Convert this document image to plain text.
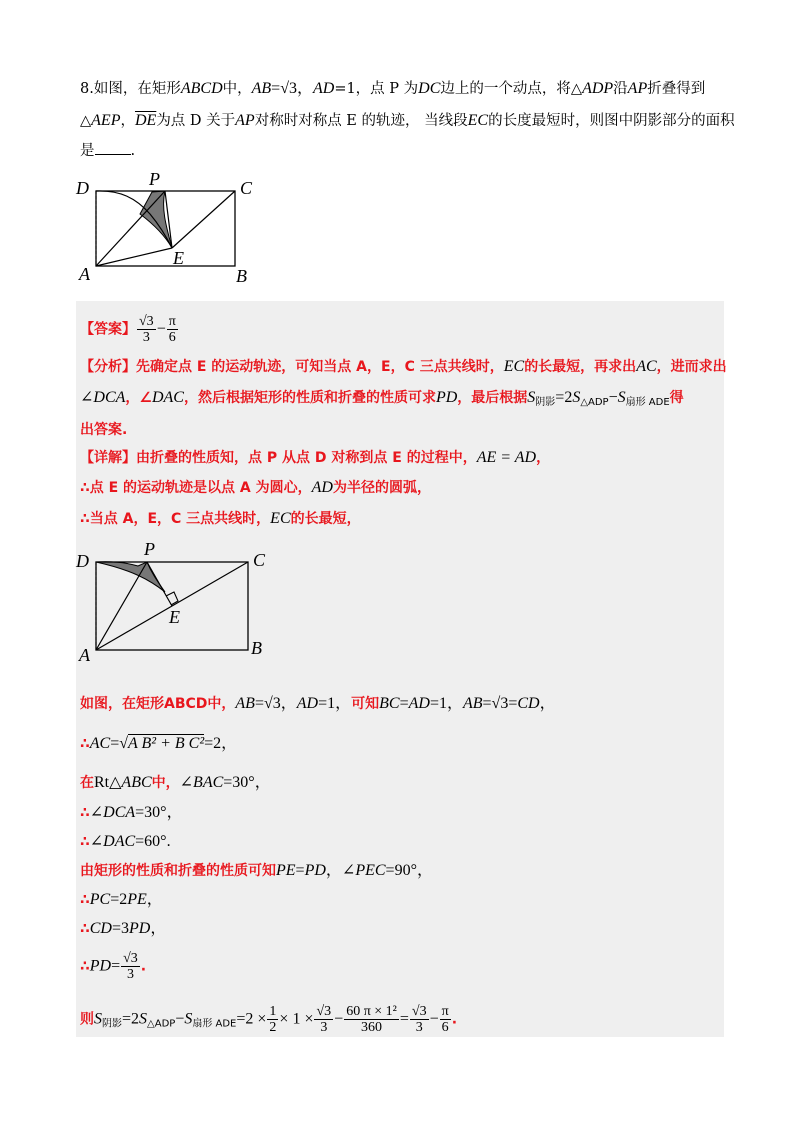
8.如图，在矩形ABCD中，AB=√3，AD=1，点 P 为DC边上的一个动点，将△ADP沿AP折叠得到
△AEP，$\overline{DE}$为点 D 关于AP对称时对称点 E 的轨迹， 当线段EC的长度最短时，则图中阴影部分的面积
是 .
D	P	C
A
E
B
【答案】 $\frac{√3}{3} - \frac{\pi}{6}$
【分析】先确定点 E 的运动轨迹，可知当点 A，E，C 三点共线时，EC的长最短，再求出AC，进而求出
∠DCA，∠DAC，然后根据矩形的性质和折叠的性质可求PD，最后根据$S_{阴影}=2S_{\triangle ADP}-S_{扇形 ADE}$得
出答案.
【详解】由折叠的性质知，点 P 从点 D 对称到点 E 的过程中，AE = AD，
∴点 E 的运动轨迹是以点 A 为圆心，AD为半径的圆弧，
∴当点 A，E，C 三点共线时，EC的长最短，
D
P
C
A
E
B
如图，在矩形ABCD中，AB=√3，AD=1，可知BC=AD=1，AB=√3=CD，
∴AC=√A B² + B C²=2，
在Rt△ABC中，∠BAC=30°，
∴∠DCA=30°，
∴∠DAC=60°.
由矩形的性质和折叠的性质可知PE=PD，∠PEC=90°，
∴PC=2PE，
∴CD=3PD，
∴PD= $\frac{√3}{3}$ .
则$S_{阴影}=2S_{\triangle ADP}-S_{扇形 ADE}=2 \times \frac{1}{2} \times 1 \times \frac{√3}{3} - \frac{\text{60 π × 1²}}{360} = \frac{√3}{3} - \frac{\pi}{6}$ .
